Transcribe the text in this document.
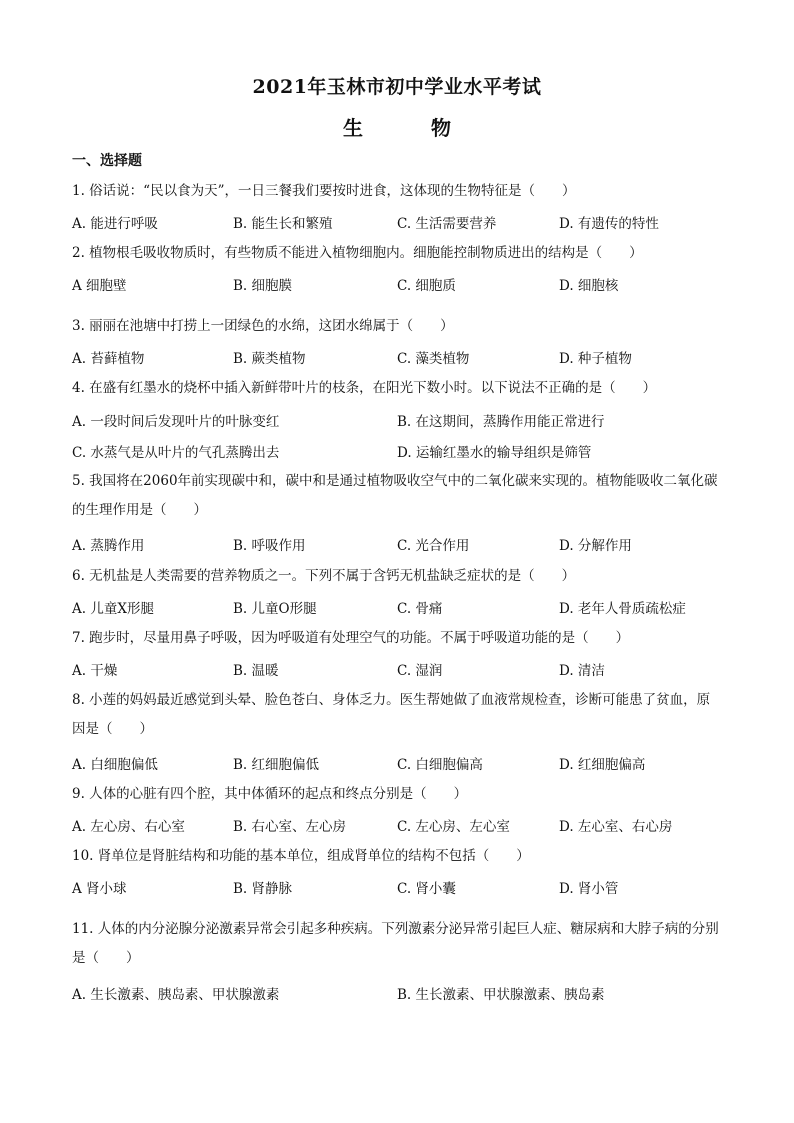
2021年玉林市初中学业水平考试
生　物
一、选择题
1. 俗话说：“民以食为天”，一日三餐我们要按时进食，这体现的生物特征是（　　）
A. 能进行呼吸	B. 能生长和繁殖	C. 生活需要营养	D. 有遗传的特性
2. 植物根毛吸收物质时，有些物质不能进入植物细胞内。细胞能控制物质进出的结构是（　　）
A 细胞壁	B. 细胞膜	C. 细胞质	D. 细胞核
3. 丽丽在池塘中打捞上一团绿色的水绵，这团水绵属于（　　）
A. 苔藓植物	B. 蕨类植物	C. 藻类植物	D. 种子植物
4. 在盛有红墨水的烧杯中插入新鲜带叶片的枝条，在阳光下数小时。以下说法不正确的是（　　）
A. 一段时间后发现叶片的叶脉变红	B. 在这期间，蒸腾作用能正常进行
C. 水蒸气是从叶片的气孔蒸腾出去	D. 运输红墨水的输导组织是筛管
5. 我国将在2060年前实现碳中和，碳中和是通过植物吸收空气中的二氧化碳来实现的。植物能吸收二氧化碳的生理作用是（　　）
A. 蒸腾作用	B. 呼吸作用	C. 光合作用	D. 分解作用
6. 无机盐是人类需要的营养物质之一。下列不属于含钙无机盐缺乏症状的是（　　）
A. 儿童X形腿	B. 儿童O形腿	C. 骨痛	D. 老年人骨质疏松症
7. 跑步时，尽量用鼻子呼吸，因为呼吸道有处理空气的功能。不属于呼吸道功能的是（　　）
A. 干燥	B. 温暖	C. 湿润	D. 清洁
8. 小莲的妈妈最近感觉到头晕、脸色苍白、身体乏力。医生帮她做了血液常规检查，诊断可能患了贫血，原因是（　　）
A. 白细胞偏低	B. 红细胞偏低	C. 白细胞偏高	D. 红细胞偏高
9. 人体的心脏有四个腔，其中体循环的起点和终点分别是（　　）
A. 左心房、右心室	B. 右心室、左心房	C. 左心房、左心室	D. 左心室、右心房
10. 肾单位是肾脏结构和功能的基本单位，组成肾单位的结构不包括（　　）
A 肾小球	B. 肾静脉	C. 肾小囊	D. 肾小管
11. 人体的内分泌腺分泌激素异常会引起多种疾病。下列激素分泌异常引起巨人症、糖尿病和大脖子病的分别是（　　）
A. 生长激素、胰岛素、甲状腺激素	B. 生长激素、甲状腺激素、胰岛素
